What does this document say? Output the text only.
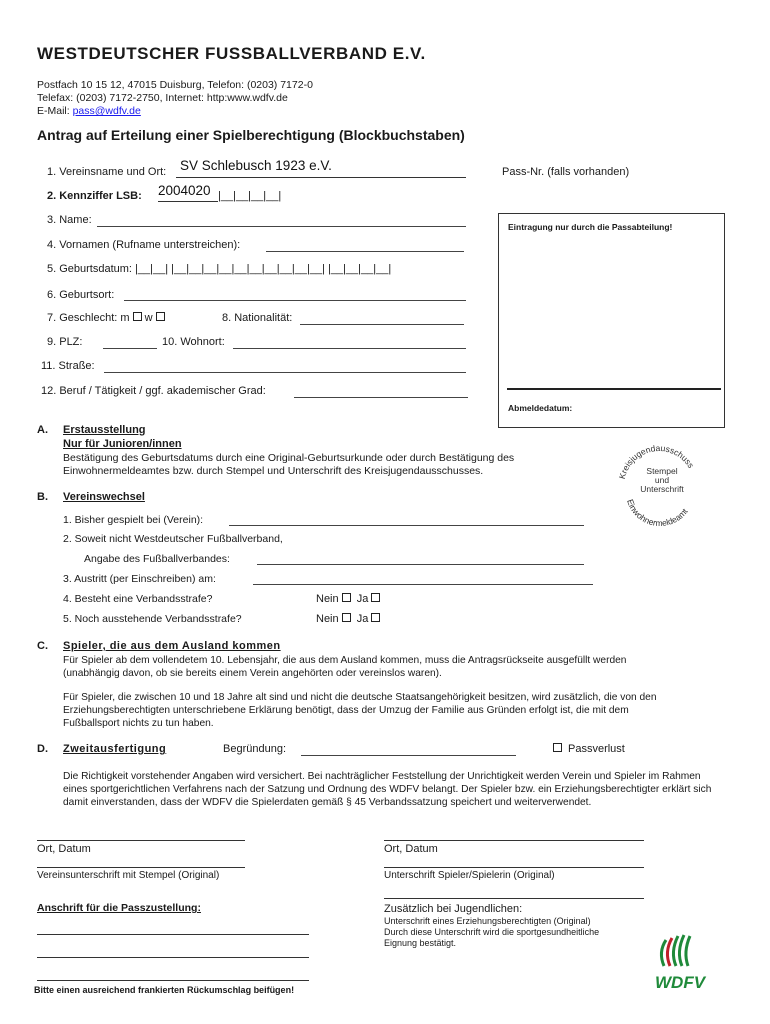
WESTDEUTSCHER FUSSBALLVERBAND E.V.
Postfach 10 15 12, 47015 Duisburg, Telefon: (0203) 7172-0
Telefax: (0203) 7172-2750, Internet: http:www.wdfv.de
E-Mail: pass@wdfv.de
Antrag auf Erteilung einer Spielberechtigung (Blockbuchstaben)
1. Vereinsname und Ort: SV Schlebusch 1923 e.V.	Pass-Nr. (falls vorhanden)
2. Kennziffer LSB: 2004020 |__|__|__|__|
3. Name:
4. Vornamen (Rufname unterstreichen):
5. Geburtsdatum: |__|__| |__|__|__|__|__|__|__|__|__|__| |__|__|__|__|
6. Geburtsort:
7. Geschlecht: m w	8. Nationalität:
9. PLZ:	10. Wohnort:
11. Straße:
12. Beruf / Tätigkeit / ggf. akademischer Grad:
Eintragung nur durch die Passabteilung!
Abmeldedatum:
A. Erstausstellung
Nur für Junioren/innen
Bestätigung des Geburtsdatums durch eine Original-Geburtsurkunde oder durch Bestätigung des Einwohnermeldeamtes bzw. durch Stempel und Unterschrift des Kreisjugendausschusses.	Kreisjugendausschuss
Einwohnermeldeamt
Stempel
und
Unterschrift
B. Vereinswechsel
1. Bisher gespielt bei (Verein):
2. Soweit nicht Westdeutscher Fußballverband,
Angabe des Fußballverbandes:
3. Austritt (per Einschreiben) am:
4. Besteht eine Verbandsstrafe?	Nein Ja
5. Noch ausstehende Verbandsstrafe?	Nein Ja
C. Spieler, die aus dem Ausland kommen
Für Spieler ab dem vollendetem 10. Lebensjahr, die aus dem Ausland kommen, muss die Antragsrückseite ausgefüllt werden (unabhängig davon, ob sie bereits einem Verein angehörten oder vereinslos waren).
Für Spieler, die zwischen 10 und 18 Jahre alt sind und nicht die deutsche Staatsangehörigkeit besitzen, wird zusätzlich, die von den Erziehungsberechtigten unterschriebene Erklärung benötigt, dass der Umzug der Familie aus Gründen erfolgt ist, die mit dem Fußballsport nichts zu tun haben.
D. Zweitausfertigung	Begründung:	Passverlust
Die Richtigkeit vorstehender Angaben wird versichert. Bei nachträglicher Feststellung der Unrichtigkeit werden Verein und Spieler im Rahmen eines sportgerichtlichen Verfahrens nach der Satzung und Ordnung des WDFV belangt. Der Spieler bzw. ein Erziehungsberechtigter erklärt sich damit einverstanden, dass der WDFV die Spielerdaten gemäß § 45 Verbandssatzung speichert und weiterverwendet.
Ort, Datum	Ort, Datum
Vereinsunterschrift mit Stempel (Original)	Unterschrift Spieler/Spielerin (Original)
Anschrift für die Passzustellung:	Zusätzlich bei Jugendlichen:
Unterschrift eines Erziehungsberechtigten (Original)
Durch diese Unterschrift wird die sportgesundheitliche
Eignung bestätigt.
Bitte einen ausreichend frankierten Rückumschlag beifügen!	WDFV
